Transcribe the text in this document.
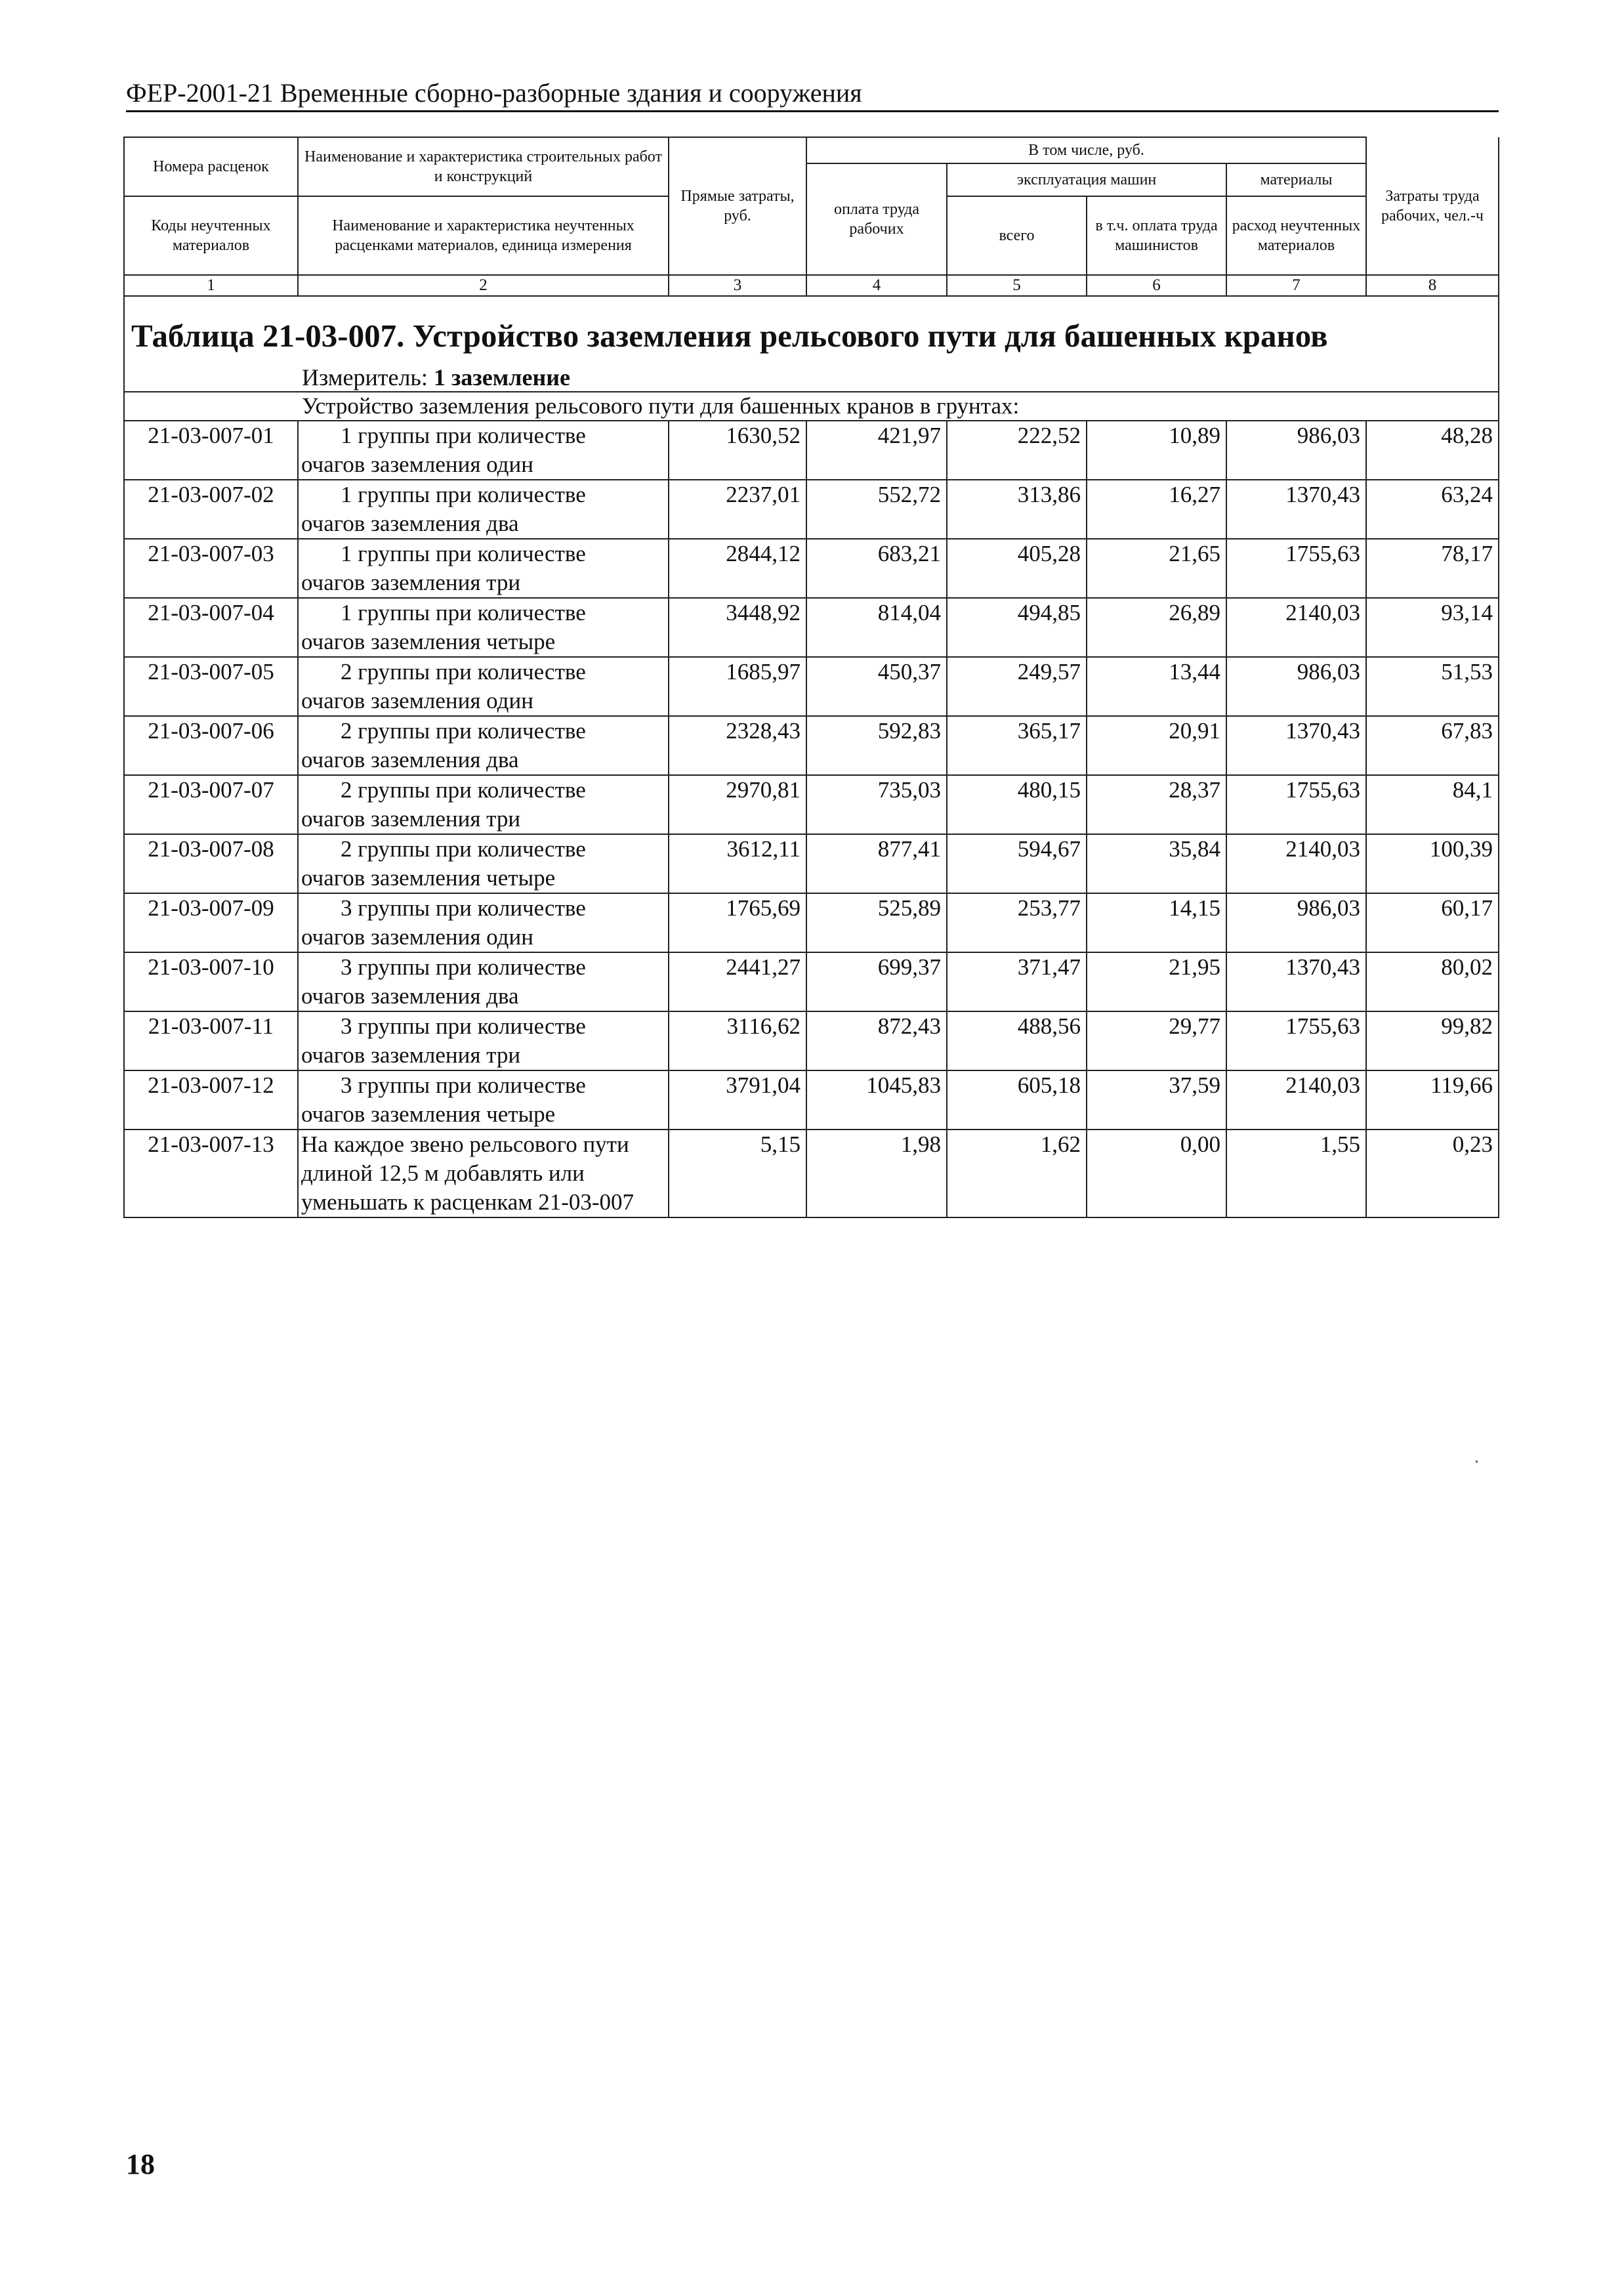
ФЕР-2001-21 Временные сборно-разборные здания и сооружения
Номера расценок	Наименование и характеристика строительных работ и конструкций	Прямые затраты, руб.	В том числе, руб.				Затраты труда рабочих, чел.-ч
			оплата труда рабочих	эксплуатация машин		материалы	
Коды неучтенных материалов	Наименование и характеристика неучтенных расценками материалов, единица измерения			всего	в т.ч. оплата труда машинистов	расход неучтенных материалов	

1	2	3	4	5	6	7	8
Таблица 21-03-007. Устройство заземления рельсового пути для башенных кранов							
Измеритель: 1 заземление							
Устройство заземления рельсового пути для башенных кранов в грунтах:							
21-03-007-01	1 группы при количестве
очагов заземления один	1630,52	421,97	222,52	10,89	986,03	48,28
21-03-007-02	1 группы при количестве
очагов заземления два	2237,01	552,72	313,86	16,27	1370,43	63,24
21-03-007-03	1 группы при количестве
очагов заземления три	2844,12	683,21	405,28	21,65	1755,63	78,17
21-03-007-04	1 группы при количестве
очагов заземления четыре	3448,92	814,04	494,85	26,89	2140,03	93,14
21-03-007-05	2 группы при количестве
очагов заземления один	1685,97	450,37	249,57	13,44	986,03	51,53
21-03-007-06	2 группы при количестве
очагов заземления два	2328,43	592,83	365,17	20,91	1370,43	67,83
21-03-007-07	2 группы при количестве
очагов заземления три	2970,81	735,03	480,15	28,37	1755,63	84,1
21-03-007-08	2 группы при количестве
очагов заземления четыре	3612,11	877,41	594,67	35,84	2140,03	100,39
21-03-007-09	3 группы при количестве
очагов заземления один	1765,69	525,89	253,77	14,15	986,03	60,17
21-03-007-10	3 группы при количестве
очагов заземления два	2441,27	699,37	371,47	21,95	1370,43	80,02
21-03-007-11	3 группы при количестве
очагов заземления три	3116,62	872,43	488,56	29,77	1755,63	99,82
21-03-007-12	3 группы при количестве
очагов заземления четыре	3791,04	1045,83	605,18	37,59	2140,03	119,66
21-03-007-13	На каждое звено рельсового пути
длиной 12,5 м добавлять или
уменьшать к расценкам 21-03-007	5,15	1,98	1,62	0,00	1,55	0,23
18
